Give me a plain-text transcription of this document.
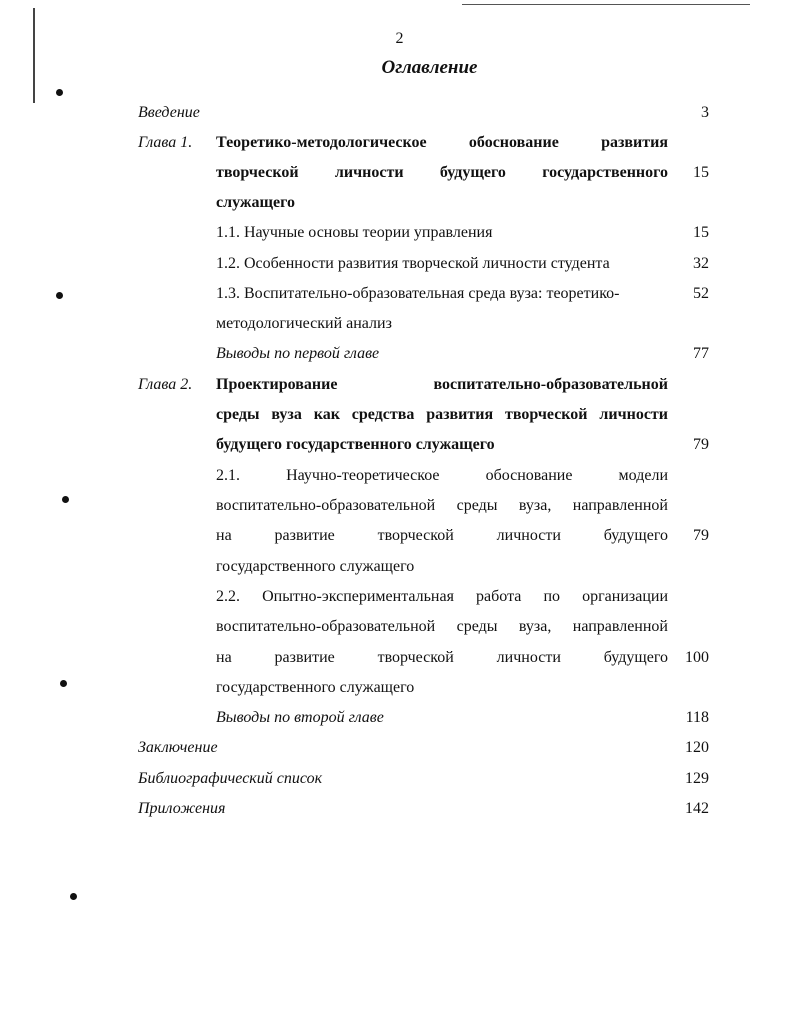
2
Оглавление
Введение	3
Глава 1. Теоретико-методологическое обоснование развития
творческой личности будущего государственного	15
служащего
1.1. Научные основы теории управления	15
1.2. Особенности развития творческой личности студента	32
1.3. Воспитательно-образовательная среда вуза: теоретико-	52
методологический анализ
Выводы по первой главе	77
Глава 2. Проектирование воспитательно-образовательной
среды вуза как средства развития творческой личности
будущего государственного служащего	79
2.1. Научно-теоретическое обоснование модели
воспитательно-образовательной среды вуза, направленной
на развитие творческой личности будущего	79
государственного служащего
2.2. Опытно-экспериментальная работа по организации
воспитательно-образовательной среды вуза, направленной
на развитие творческой личности будущего	100
государственного служащего
Выводы по второй главе	118
Заключение	120
Библиографический список	129
Приложения	142
